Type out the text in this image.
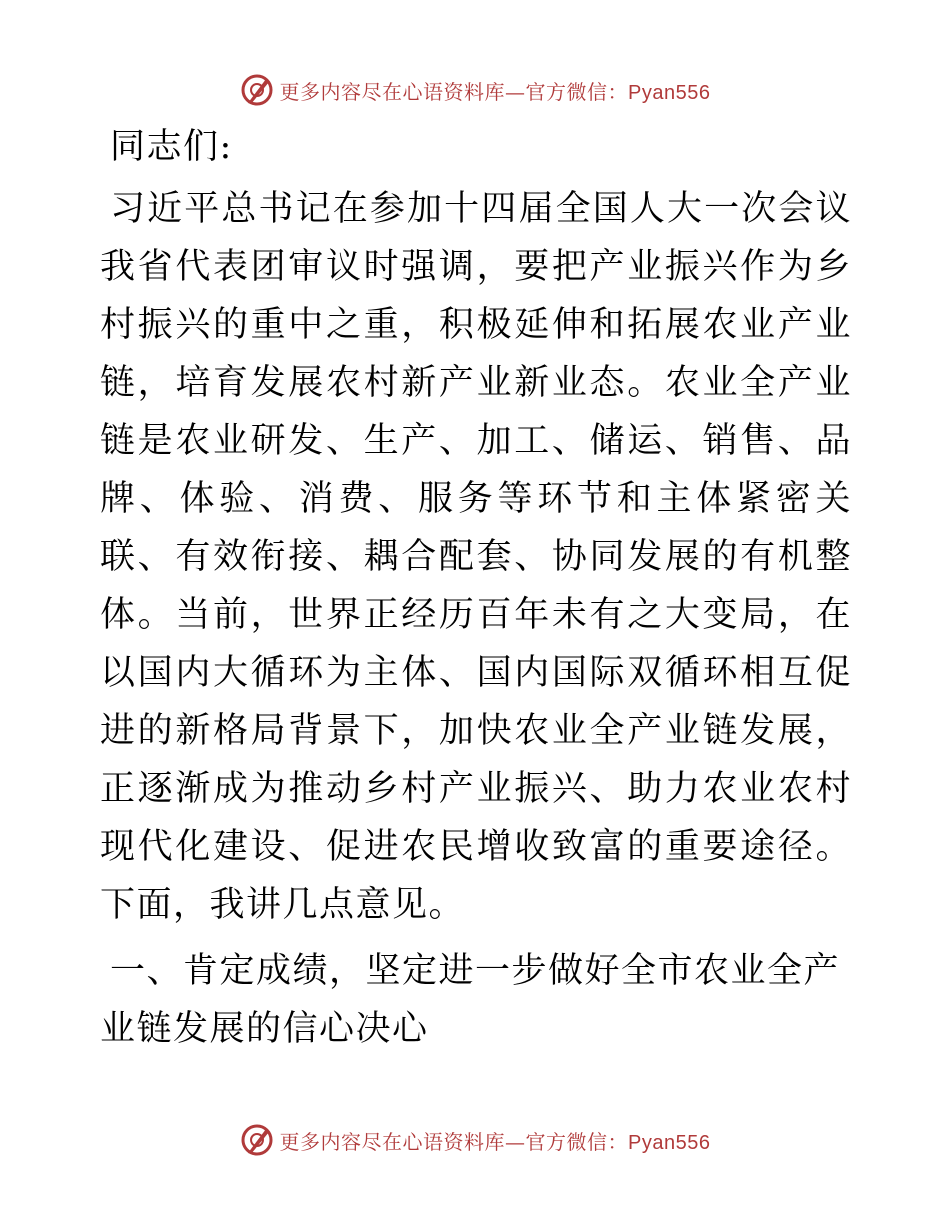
更多内容尽在心语资料库—官方微信：Pyan556

同志们:

习近平总书记在参加十四届全国人大一次会议我省代表团审议时强调，要把产业振兴作为乡村振兴的重中之重，积极延伸和拓展农业产业链，培育发展农村新产业新业态。农业全产业链是农业研发、生产、加工、储运、销售、品牌、体验、消费、服务等环节和主体紧密关联、有效衔接、耦合配套、协同发展的有机整体。当前，世界正经历百年未有之大变局，在以国内大循环为主体、国内国际双循环相互促进的新格局背景下，加快农业全产业链发展，正逐渐成为推动乡村产业振兴、助力农业农村现代化建设、促进农民增收致富的重要途径。下面，我讲几点意见。

一、肯定成绩，坚定进一步做好全市农业全产业链发展的信心决心

更多内容尽在心语资料库—官方微信：Pyan556
